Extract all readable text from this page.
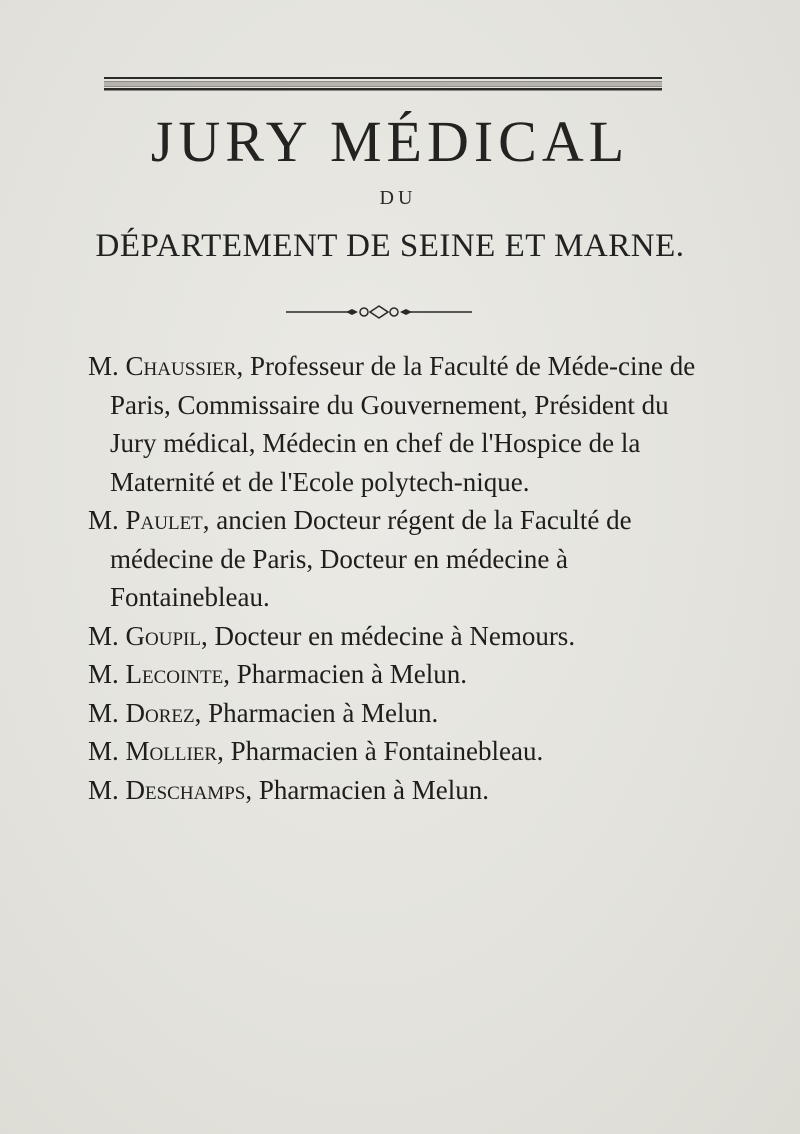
JURY MÉDICAL
DU
DÉPARTEMENT DE SEINE ET MARNE.
M. Chaussier, Professeur de la Faculté de Méde-cine de Paris, Commissaire du Gouvernement, Président du Jury médical, Médecin en chef de l'Hospice de la Maternité et de l'Ecole polytech-nique.
M. Paulet, ancien Docteur régent de la Faculté de médecine de Paris, Docteur en médecine à Fontainebleau.
M. Goupil, Docteur en médecine à Nemours.
M. Lecointe, Pharmacien à Melun.
M. Dorez, Pharmacien à Melun.
M. Mollier, Pharmacien à Fontainebleau.
M. Deschamps, Pharmacien à Melun.
